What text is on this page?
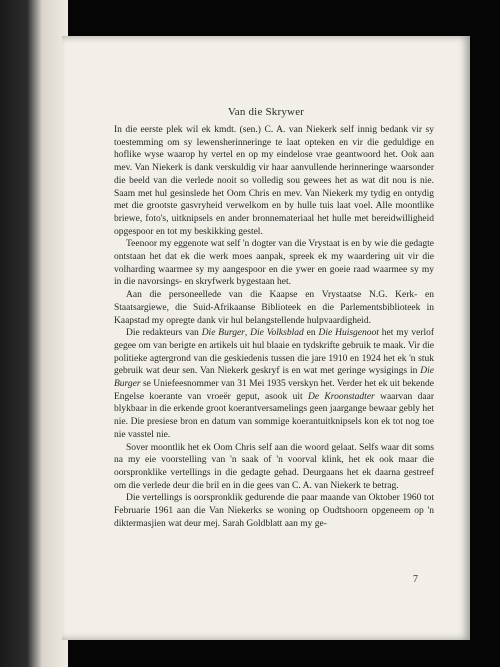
Van die Skrywer

In die eerste plek wil ek kmdt. (sen.) C. A. van Niekerk self innig bedank vir sy toestemming om sy lewensherinneringe te laat opteken en vir die geduldige en hoflike wyse waarop hy vertel en op my eindelose vrae geantwoord het. Ook aan mev. Van Niekerk is dank verskuldig vir haar aanvullende herinneringe waarsonder die beeld van die verlede nooit so volledig sou gewees het as wat dit nou is nie. Saam met hul gesinslede het Oom Chris en mev. Van Niekerk my tydig en ontydig met die grootste gasvryheid verwelkom en by hulle tuis laat voel. Alle moontlike briewe, foto's, uitknipsels en ander bronnemateriaal het hulle met bereidwilligheid opgespoor en tot my beskikking gestel.

Teenoor my eggenote wat self 'n dogter van die Vrystaat is en by wie die gedagte ontstaan het dat ek die werk moes aanpak, spreek ek my waardering uit vir die volharding waarmee sy my aangespoor en die ywer en goeie raad waarmee sy my in die navorsings- en skryfwerk bygestaan het.

Aan die personeellede van die Kaapse en Vrystaatse N.G. Kerk- en Staatsargiewe, die Suid-Afrikaanse Biblioteek en die Parlementsbiblioteek in Kaapstad my opregte dank vir hul belangstellende hulpvaardigheid.

Die redakteurs van Die Burger, Die Volksblad en Die Huisgenoot het my verlof gegee om van berigte en artikels uit hul blaaie en tydskrifte gebruik te maak. Vir die politieke agtergrond van die geskiedenis tussen die jare 1910 en 1924 het ek 'n stuk gebruik wat deur sen. Van Niekerk geskryf is en wat met geringe wysigings in Die Burger se Uniefeesnommer van 31 Mei 1935 verskyn het. Verder het ek uit bekende Engelse koerante van vroeër geput, asook uit De Kroonstadter waarvan daar blykbaar in die erkende groot koerantversamelings geen jaargange bewaar gebly het nie. Die presiese bron en datum van sommige koerantuitknipsels kon ek tot nog toe nie vasstel nie.

Sover moontlik het ek Oom Chris self aan die woord gelaat. Selfs waar dit soms na my eie voorstelling van 'n saak of 'n voorval klink, het ek ook maar die oorspronklike vertellings in die gedagte gehad. Deurgaans het ek daarna gestreef om die verlede deur die bril en in die gees van C. A. van Niekerk te betrag.

Die vertellings is oorspronklik gedurende die paar maande van Oktober 1960 tot Februarie 1961 aan die Van Niekerks se woning op Oudtshoorn opgeneem op 'n diktermasjien wat deur mej. Sarah Goldblatt aan my ge-

7
